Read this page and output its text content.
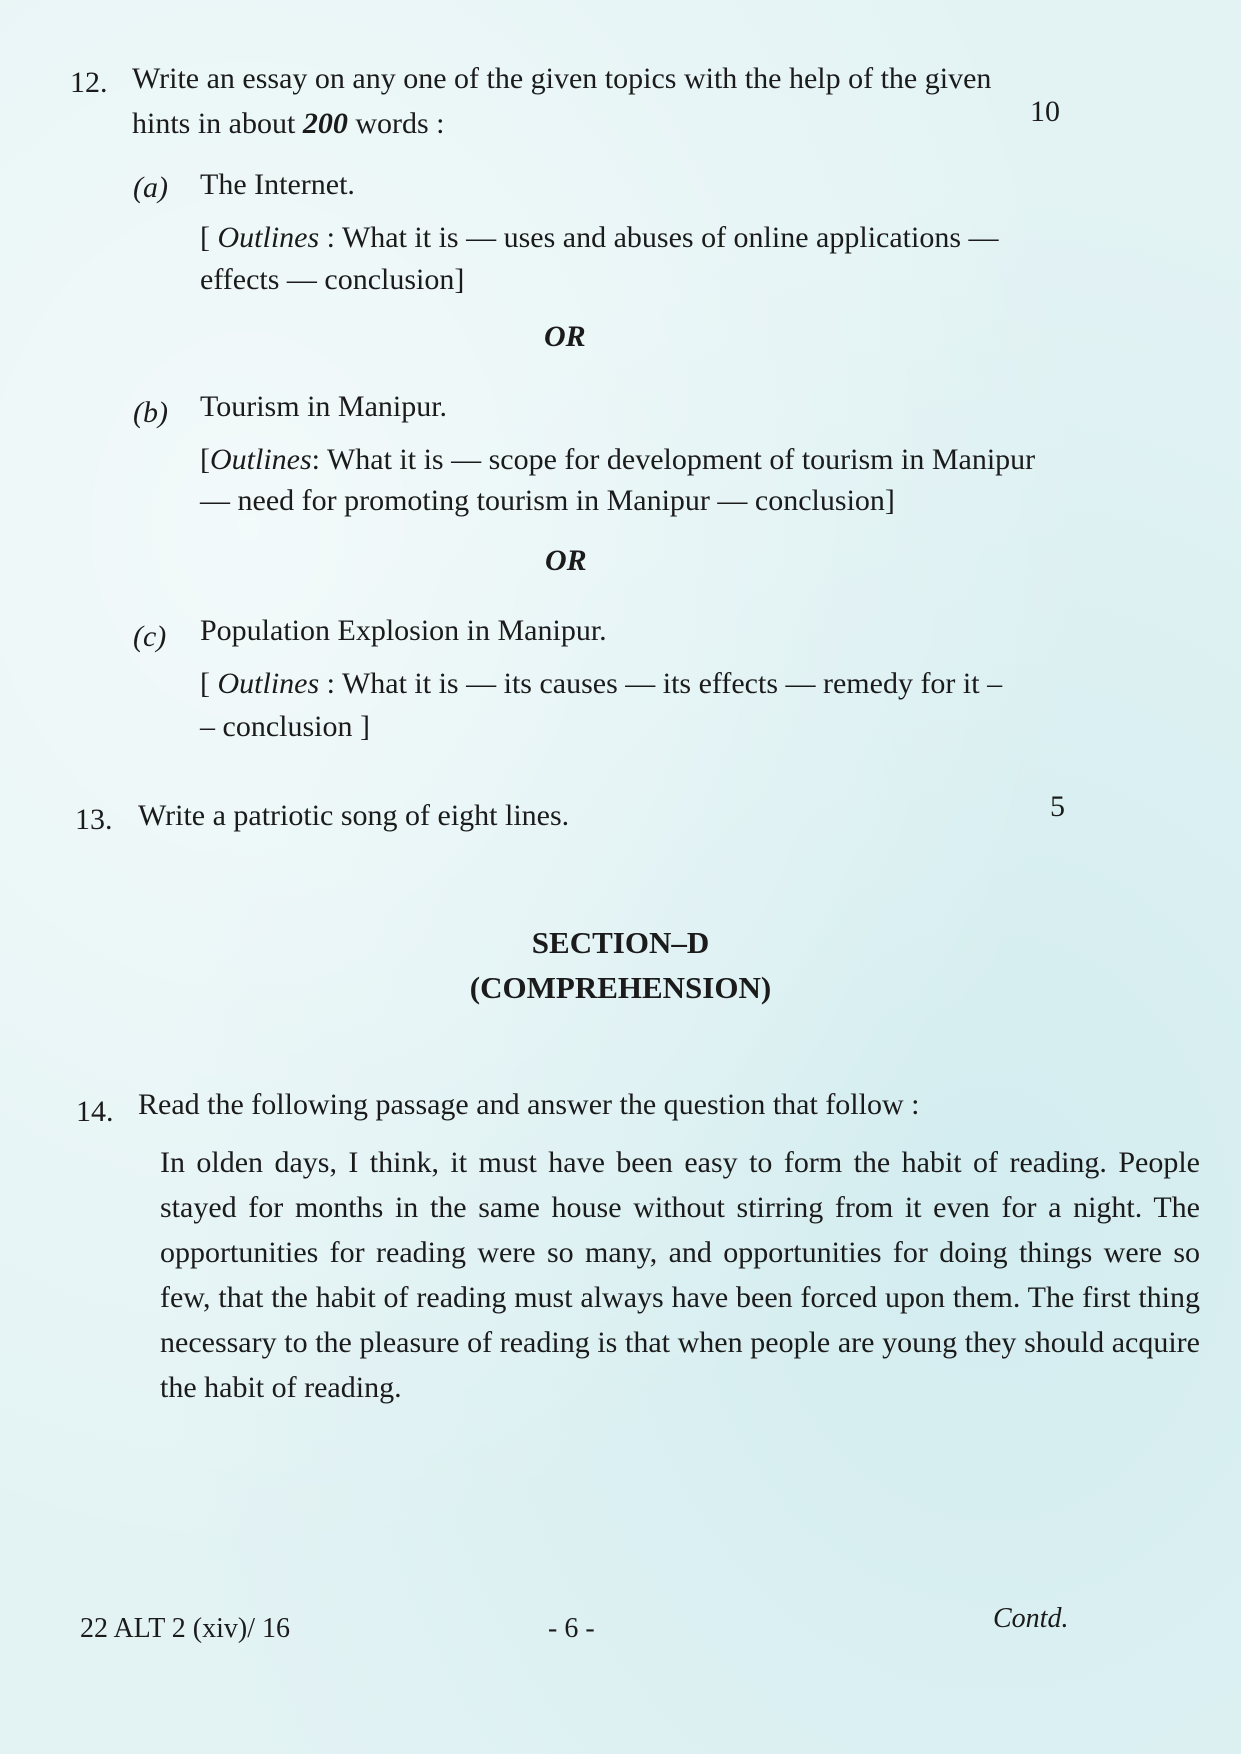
12. Write an essay on any one of the given topics with the help of the given
hints in about 200 words :	10
(a) The Internet.
[ Outlines : What it is — uses and abuses of online applications —
effects — conclusion]
OR
(b) Tourism in Manipur.
[Outlines: What it is — scope for development of tourism in Manipur
— need for promoting tourism in Manipur — conclusion]
OR
(c) Population Explosion in Manipur.
[ Outlines : What it is — its causes — its effects — remedy for it –
– conclusion ]
13. Write a patriotic song of eight lines.	5
SECTION–D
(COMPREHENSION)
14. Read the following passage and answer the question that follow :
In olden days, I think, it must have been easy to form the habit of reading. People stayed for months in the same house without stirring from it even for a night. The opportunities for reading were so many, and opportunities for doing things were so few, that the habit of reading must always have been forced upon them. The first thing necessary to the pleasure of reading is that when people are young they should acquire the habit of reading.
22 ALT 2 (xiv)/ 16	- 6 -	Contd.
